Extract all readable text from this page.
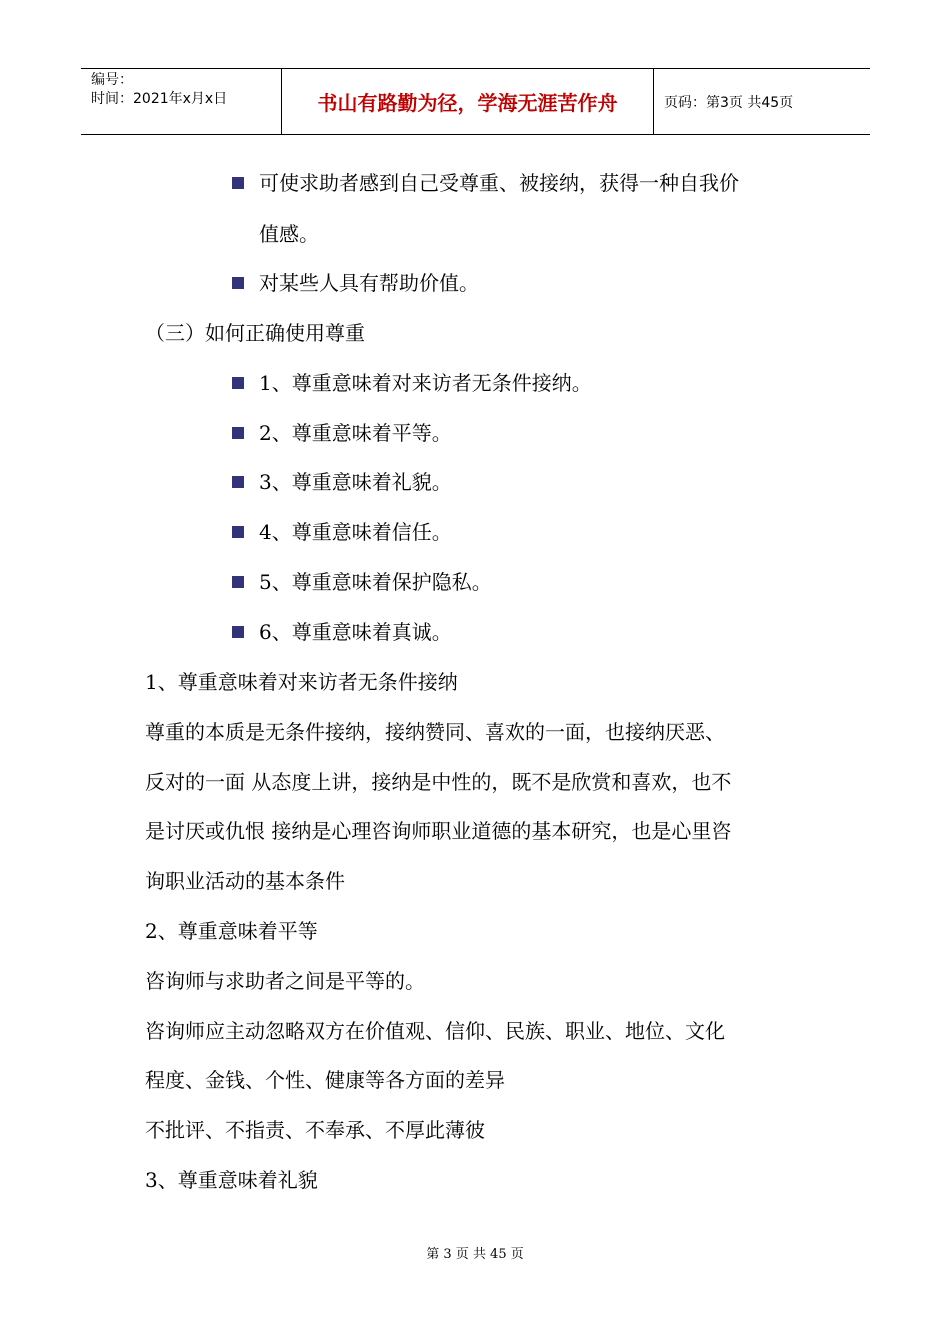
编号：
时间：2021年x月x日	书山有路勤为径，学海无涯苦作舟	页码：第3页 共45页
可使求助者感到自己受尊重、被接纳，获得一种自我价
值感。
对某些人具有帮助价值。
（三）如何正确使用尊重
1、尊重意味着对来访者无条件接纳。
2、尊重意味着平等。
3、尊重意味着礼貌。
4、尊重意味着信任。
5、尊重意味着保护隐私。
6、尊重意味着真诚。
1、尊重意味着对来访者无条件接纳
尊重的本质是无条件接纳，接纳赞同、喜欢的一面，也接纳厌恶、
反对的一面 从态度上讲，接纳是中性的，既不是欣赏和喜欢，也不
是讨厌或仇恨 接纳是心理咨询师职业道德的基本研究，也是心里咨
询职业活动的基本条件
2、尊重意味着平等
咨询师与求助者之间是平等的。
咨询师应主动忽略双方在价值观、信仰、民族、职业、地位、文化
程度、金钱、个性、健康等各方面的差异
不批评、不指责、不奉承、不厚此薄彼
3、尊重意味着礼貌
第 3 页 共 45 页
